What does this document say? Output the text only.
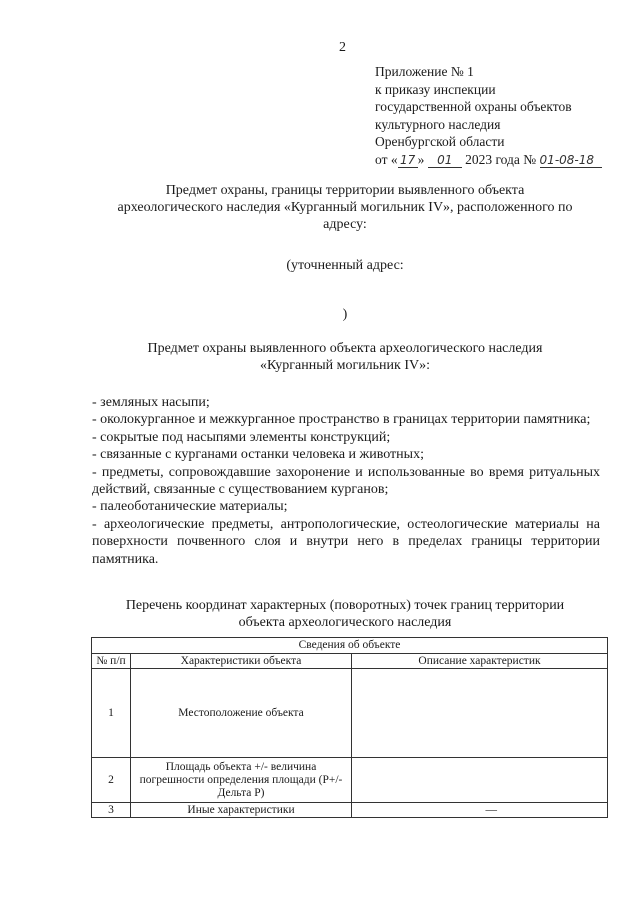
2
Приложение № 1
к приказу инспекции
государственной охраны объектов
культурного наследия
Оренбургской области
от « 17 » 01 2023 года № 01-08-18
Предмет охраны, границы территории выявленного объекта
археологического наследия «Курганный могильник IV», расположенного по
адресу:
(уточненный адрес:
)
Предмет охраны выявленного объекта археологического наследия
«Курганный могильник IV»:

- земляных насыпи;

- околокурганное и межкурганное пространство в границах территории памятника;

- сокрытые под насыпями элементы конструкций;

- связанные с курганами останки человека и животных;

- предметы, сопровождавшие захоронение и использованные во время ритуальных действий, связанные с существованием курганов;

- палеоботанические материалы;

- археологические предметы, антропологические, остеологические материалы на поверхности почвенного слоя и внутри него в пределах границы территории памятника.

Перечень координат характерных (поворотных) точек границ территории
объекта археологического наследия
Сведения об объекте		
№ п/п	Характеристики объекта	Описание характеристик
1	Местоположение объекта	
2	Площадь объекта +/- величина погрешности определения площади (Р+/- Дельта Р)	
3	Иные характеристики	—
